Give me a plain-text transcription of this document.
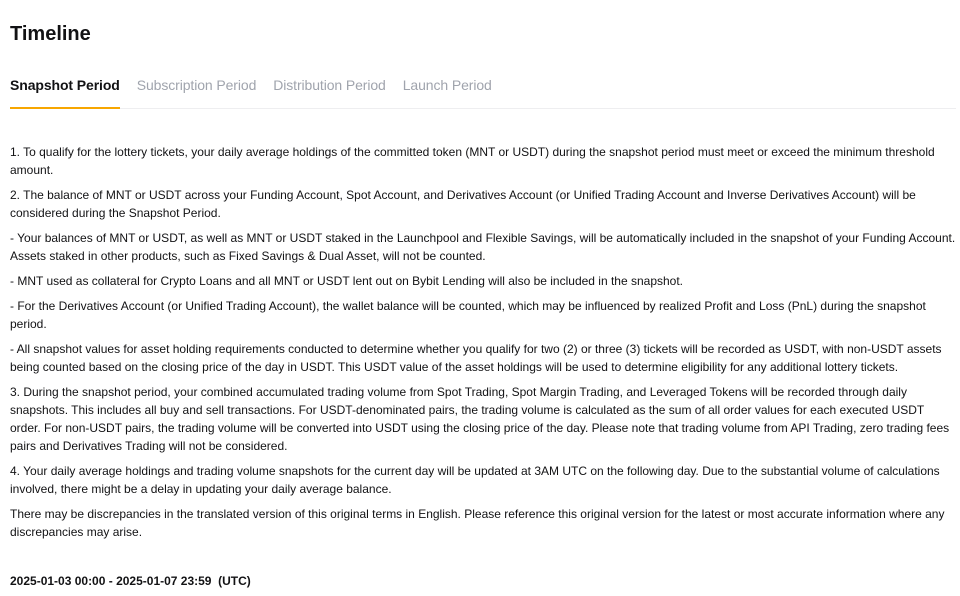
Timeline
Snapshot Period Subscription Period Distribution Period Launch Period

1. To qualify for the lottery tickets, your daily average holdings of the committed token (MNT or USDT) during the snapshot period must meet or exceed the minimum threshold amount.

2. The balance of MNT or USDT across your Funding Account, Spot Account, and Derivatives Account (or Unified Trading Account and Inverse Derivatives Account) will be considered during the Snapshot Period.

- Your balances of MNT or USDT, as well as MNT or USDT staked in the Launchpool and Flexible Savings, will be automatically included in the snapshot of your Funding Account. Assets staked in other products, such as Fixed Savings & Dual Asset, will not be counted.

- MNT used as collateral for Crypto Loans and all MNT or USDT lent out on Bybit Lending will also be included in the snapshot.

- For the Derivatives Account (or Unified Trading Account), the wallet balance will be counted, which may be influenced by realized Profit and Loss (PnL) during the snapshot period.

- All snapshot values for asset holding requirements conducted to determine whether you qualify for two (2) or three (3) tickets will be recorded as USDT, with non-USDT assets being counted based on the closing price of the day in USDT. This USDT value of the asset holdings will be used to determine eligibility for any additional lottery tickets.

3. During the snapshot period, your combined accumulated trading volume from Spot Trading, Spot Margin Trading, and Leveraged Tokens will be recorded through daily snapshots. This includes all buy and sell transactions. For USDT-denominated pairs, the trading volume is calculated as the sum of all order values for each executed USDT order. For non-USDT pairs, the trading volume will be converted into USDT using the closing price of the day. Please note that trading volume from API Trading, zero trading fees pairs and Derivatives Trading will not be considered.

4. Your daily average holdings and trading volume snapshots for the current day will be updated at 3AM UTC on the following day. Due to the substantial volume of calculations involved, there might be a delay in updating your daily average balance.

There may be discrepancies in the translated version of this original terms in English. Please reference this original version for the latest or most accurate information where any discrepancies may arise.

2025-01-03 00:00 - 2025-01-07 23:59  (UTC)
